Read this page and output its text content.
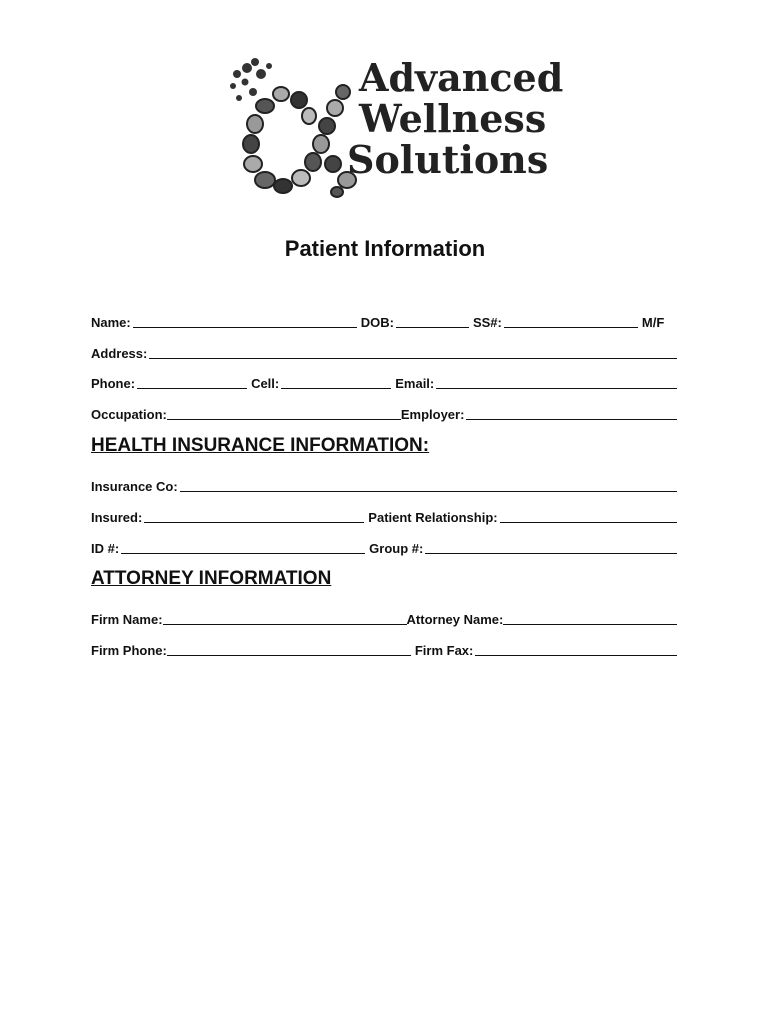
Advanced
Wellness
Solutions
Patient Information
Name:	DOB:	SS#:	M/F
Address:
Phone:	Cell:	Email:
Occupation:	Employer:
HEALTH INSURANCE INFORMATION:
Insurance Co:
Insured:	Patient Relationship:
ID #:	Group #:
ATTORNEY INFORMATION
Firm Name:	Attorney Name:
Firm Phone:	Firm Fax:
